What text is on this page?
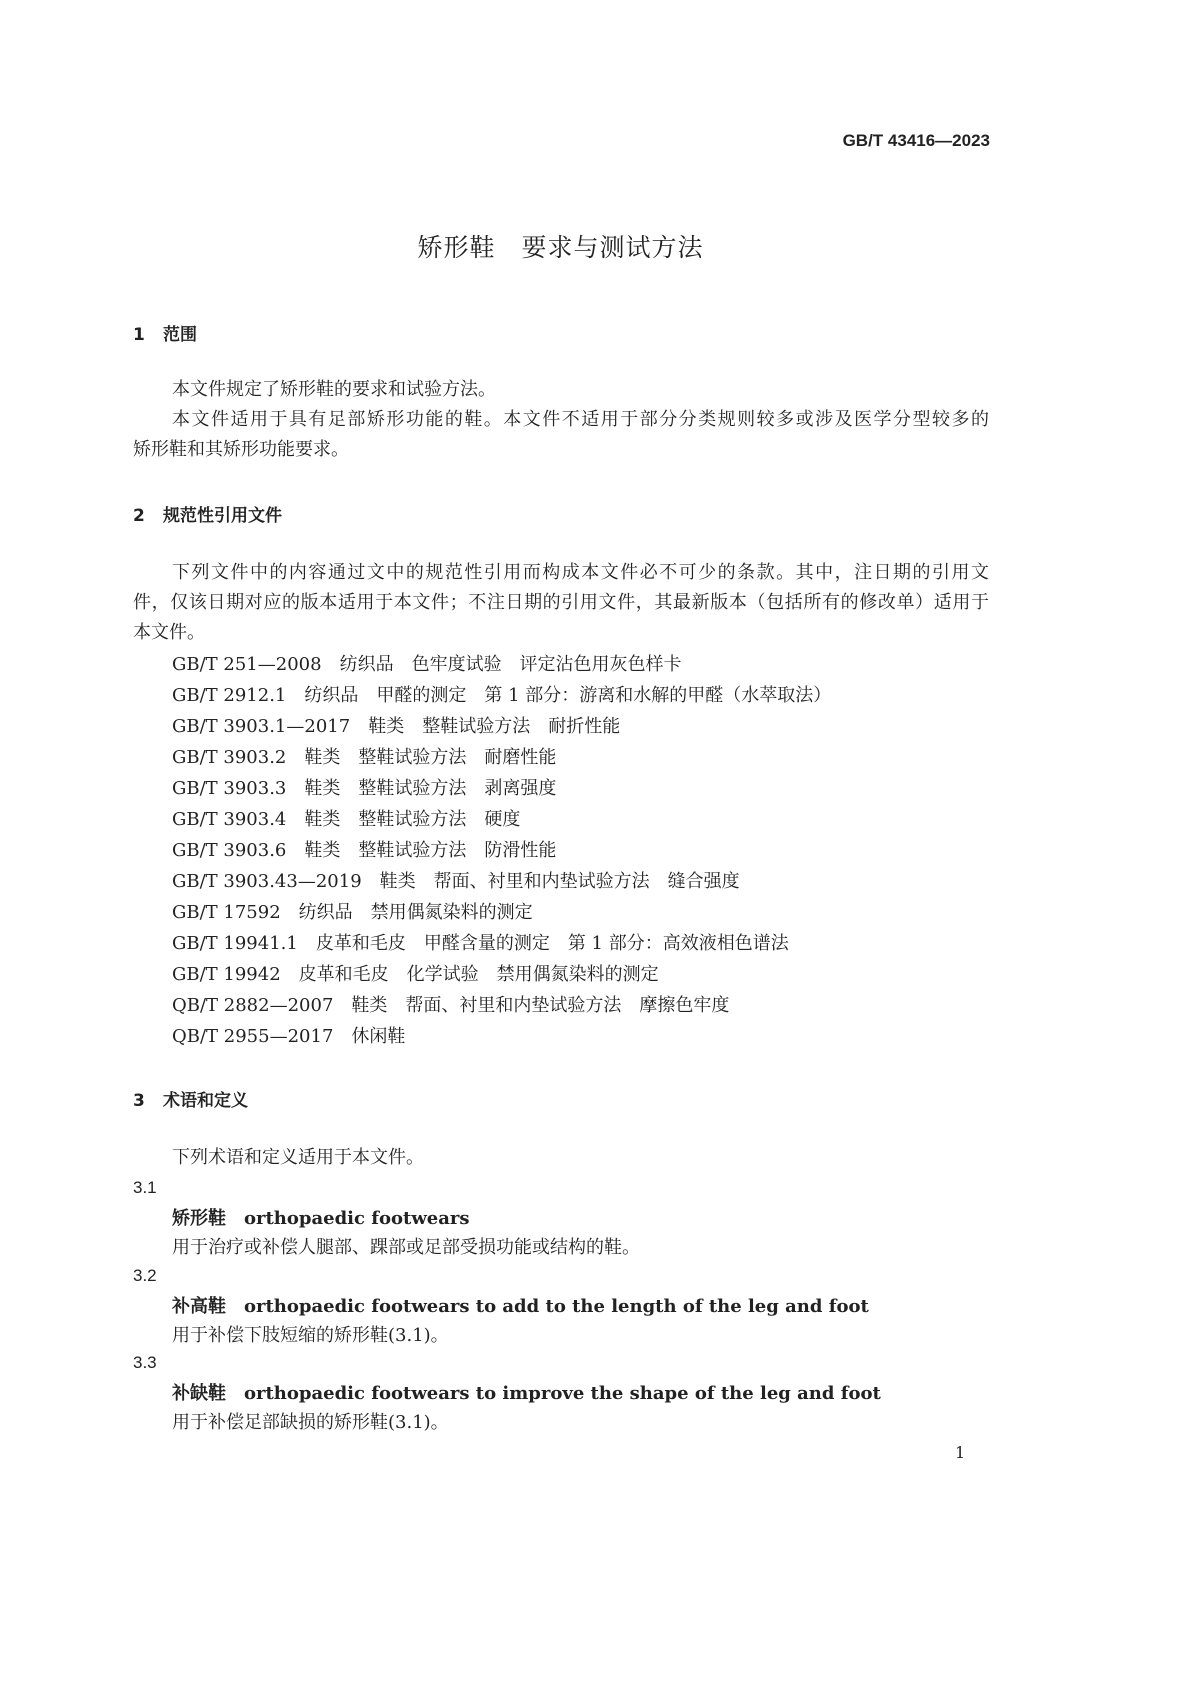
GB/T 43416—2023
矫形鞋　要求与测试方法
1 范围
本文件规定了矫形鞋的要求和试验方法。
本文件适用于具有足部矫形功能的鞋。本文件不适用于部分分类规则较多或涉及医学分型较多的
矫形鞋和其矫形功能要求。
2 规范性引用文件
下列文件中的内容通过文中的规范性引用而构成本文件必不可少的条款。其中，注日期的引用文
件，仅该日期对应的版本适用于本文件；不注日期的引用文件，其最新版本（包括所有的修改单）适用于
本文件。
GB/T 251—2008　纺织品　色牢度试验　评定沾色用灰色样卡
GB/T 2912.1　纺织品　甲醛的测定　第 1 部分：游离和水解的甲醛（水萃取法）
GB/T 3903.1—2017　鞋类　整鞋试验方法　耐折性能
GB/T 3903.2　鞋类　整鞋试验方法　耐磨性能
GB/T 3903.3　鞋类　整鞋试验方法　剥离强度
GB/T 3903.4　鞋类　整鞋试验方法　硬度
GB/T 3903.6　鞋类　整鞋试验方法　防滑性能
GB/T 3903.43—2019　鞋类　帮面、衬里和内垫试验方法　缝合强度
GB/T 17592　纺织品　禁用偶氮染料的测定
GB/T 19941.1　皮革和毛皮　甲醛含量的测定　第 1 部分：高效液相色谱法
GB/T 19942　皮革和毛皮　化学试验　禁用偶氮染料的测定
QB/T 2882—2007　鞋类　帮面、衬里和内垫试验方法　摩擦色牢度
QB/T 2955—2017　休闲鞋
3 术语和定义
下列术语和定义适用于本文件。
3.1
矫形鞋　orthopaedic footwears
用于治疗或补偿人腿部、踝部或足部受损功能或结构的鞋。
3.2
补高鞋　orthopaedic footwears to add to the length of the leg and foot
用于补偿下肢短缩的矫形鞋(3.1)。
3.3
补缺鞋　orthopaedic footwears to improve the shape of the leg and foot
用于补偿足部缺损的矫形鞋(3.1)。
1
